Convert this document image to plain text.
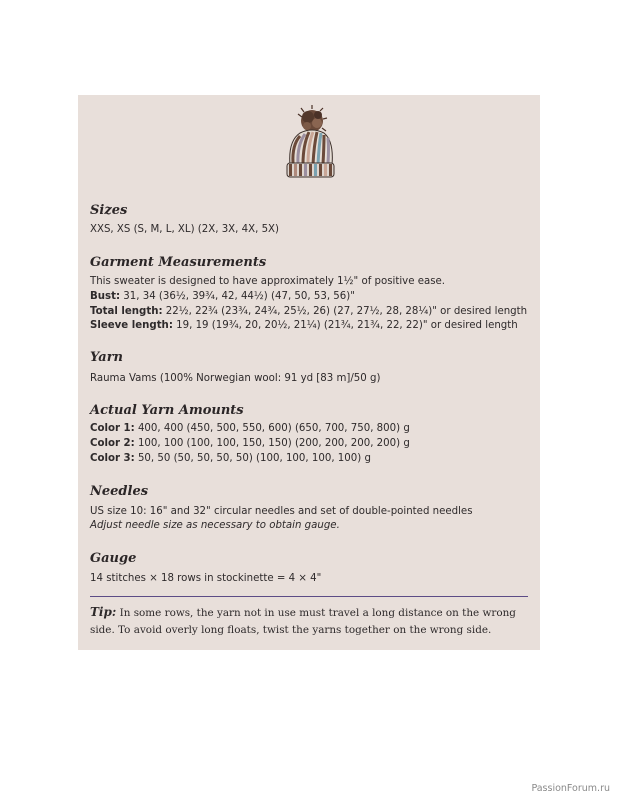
Sizes

XXS, XS (S, M, L, XL) (2X, 3X, 4X, 5X)

Garment Measurements

This sweater is designed to have approximately 1½" of positive ease.

Bust: 31, 34 (36½, 39¾, 42, 44½) (47, 50, 53, 56)"

Total length: 22½, 22¾ (23¾, 24¾, 25½, 26) (27, 27½, 28, 28¼)" or desired length

Sleeve length: 19, 19 (19¾, 20, 20½, 21¼) (21¾, 21¾, 22, 22)" or desired length

Yarn

Rauma Vams (100% Norwegian wool: 91 yd [83 m]/50 g)

Actual Yarn Amounts

Color 1: 400, 400 (450, 500, 550, 600) (650, 700, 750, 800) g

Color 2: 100, 100 (100, 100, 150, 150) (200, 200, 200, 200) g

Color 3: 50, 50 (50, 50, 50, 50) (100, 100, 100, 100) g

Needles

US size 10: 16" and 32" circular needles and set of double-pointed needles

Adjust needle size as necessary to obtain gauge.

Gauge

14 stitches × 18 rows in stockinette = 4 × 4"

Tip: In some rows, the yarn not in use must travel a long distance on the wrong side. To avoid overly long floats, twist the yarns together on the wrong side.

PassionForum.ru
